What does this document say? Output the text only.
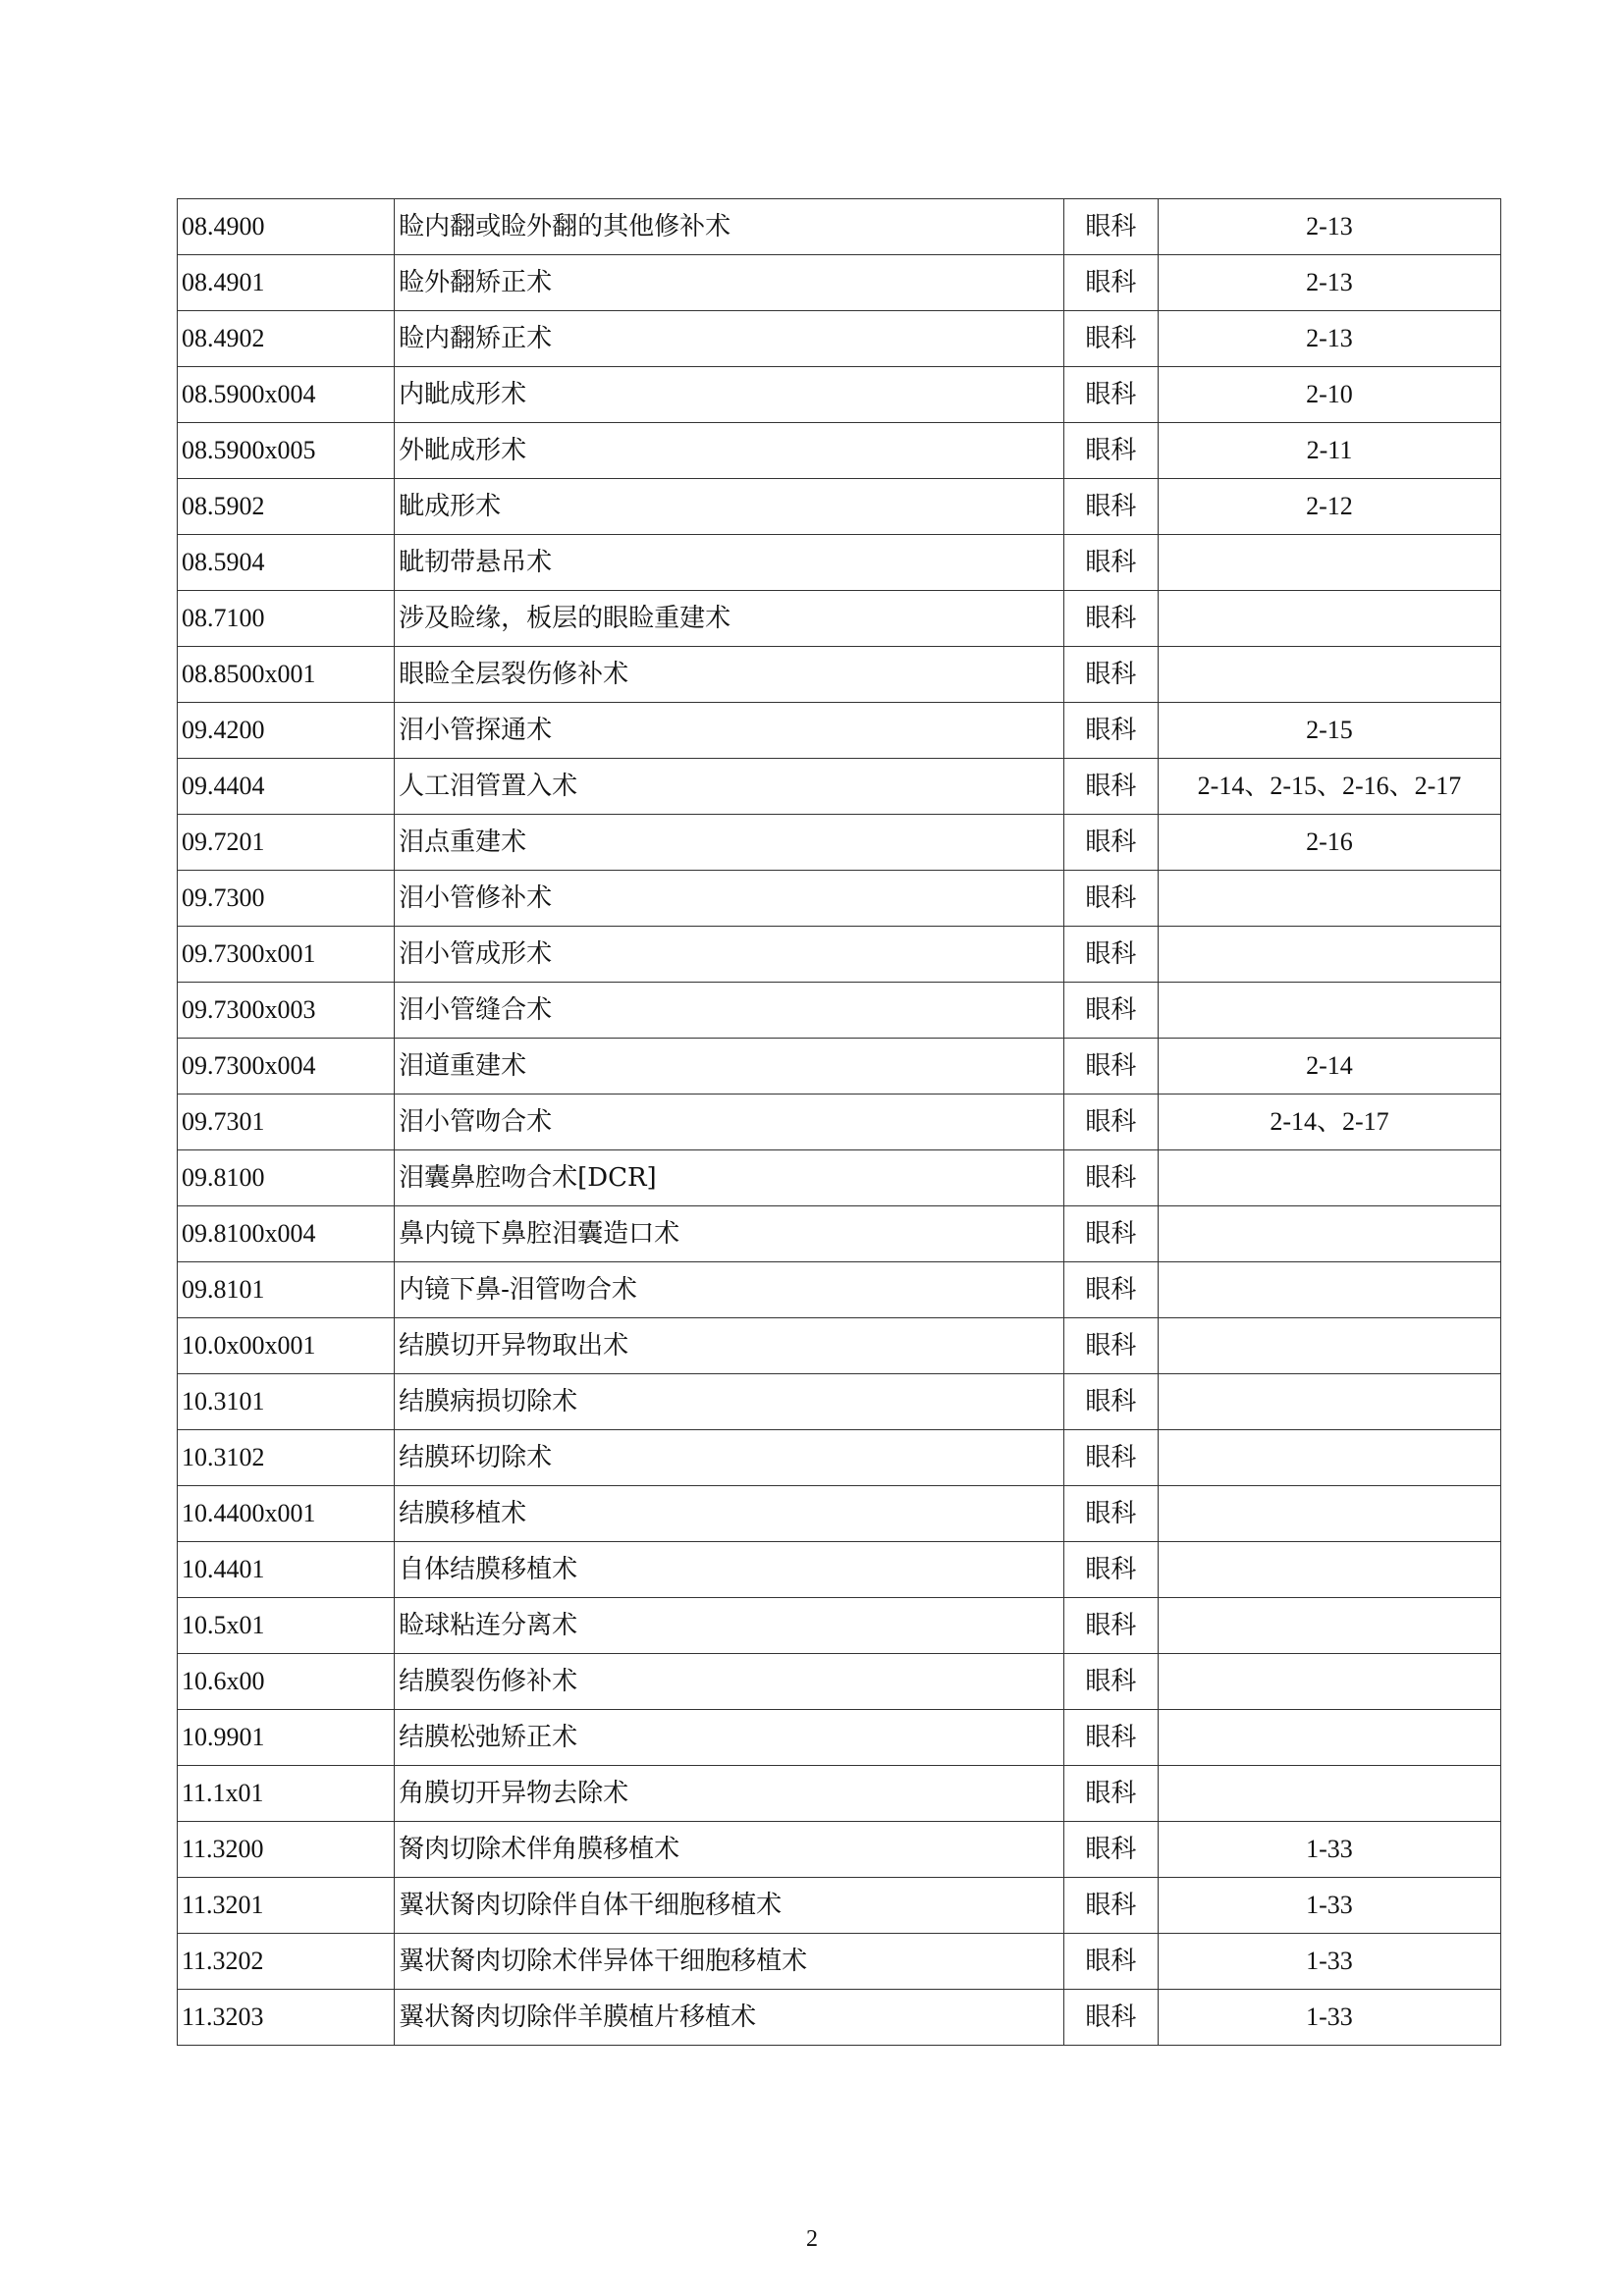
08.4900	睑内翻或睑外翻的其他修补术	眼科	2-13
08.4901	睑外翻矫正术	眼科	2-13
08.4902	睑内翻矫正术	眼科	2-13
08.5900x004	内眦成形术	眼科	2-10
08.5900x005	外眦成形术	眼科	2-11
08.5902	眦成形术	眼科	2-12
08.5904	眦韧带悬吊术	眼科	
08.7100	涉及睑缘，板层的眼睑重建术	眼科	
08.8500x001	眼睑全层裂伤修补术	眼科	
09.4200	泪小管探通术	眼科	2-15
09.4404	人工泪管置入术	眼科	2-14、2-15、2-16、2-17
09.7201	泪点重建术	眼科	2-16
09.7300	泪小管修补术	眼科	
09.7300x001	泪小管成形术	眼科	
09.7300x003	泪小管缝合术	眼科	
09.7300x004	泪道重建术	眼科	2-14
09.7301	泪小管吻合术	眼科	2-14、2-17
09.8100	泪囊鼻腔吻合术[DCR]	眼科	
09.8100x004	鼻内镜下鼻腔泪囊造口术	眼科	
09.8101	内镜下鼻-泪管吻合术	眼科	
10.0x00x001	结膜切开异物取出术	眼科	
10.3101	结膜病损切除术	眼科	
10.3102	结膜环切除术	眼科	
10.4400x001	结膜移植术	眼科	
10.4401	自体结膜移植术	眼科	
10.5x01	睑球粘连分离术	眼科	
10.6x00	结膜裂伤修补术	眼科	
10.9901	结膜松弛矫正术	眼科	
11.1x01	角膜切开异物去除术	眼科	
11.3200	胬肉切除术伴角膜移植术	眼科	1-33
11.3201	翼状胬肉切除伴自体干细胞移植术	眼科	1-33
11.3202	翼状胬肉切除术伴异体干细胞移植术	眼科	1-33
11.3203	翼状胬肉切除伴羊膜植片移植术	眼科	1-33
2
